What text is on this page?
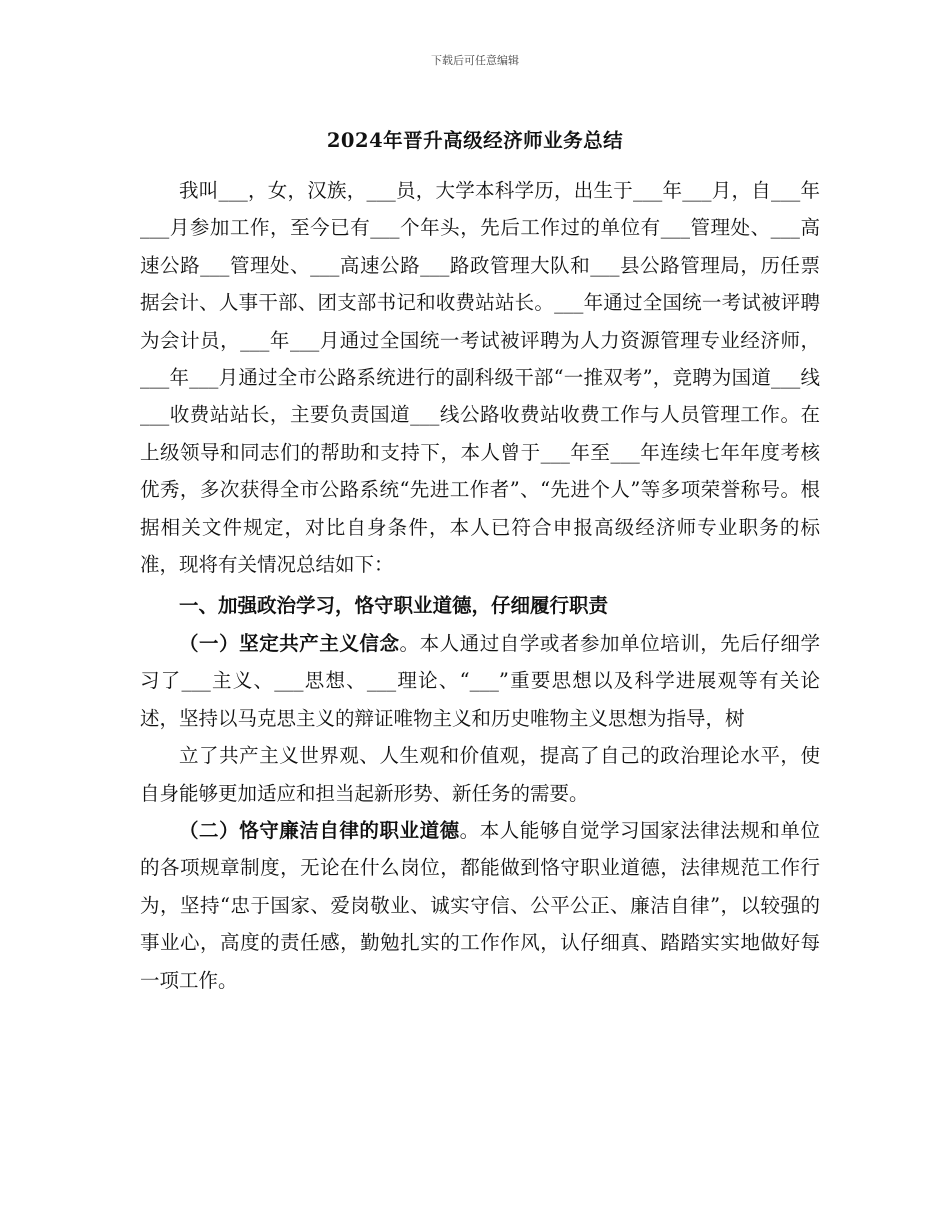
下载后可任意编辑
2024年晋升高级经济师业务总结

我叫___，女，汉族，___员，大学本科学历，出生于___年___月，自___年___月参加工作，至今已有___个年头，先后工作过的单位有___管理处、___高速公路___管理处、___高速公路___路政管理大队和___县公路管理局，历任票据会计、人事干部、团支部书记和收费站站长。___年通过全国统一考试被评聘为会计员，___年___月通过全国统一考试被评聘为人力资源管理专业经济师，___年___月通过全市公路系统进行的副科级干部“一推双考”，竞聘为国道___线___收费站站长，主要负责国道___线公路收费站收费工作与人员管理工作。在上级领导和同志们的帮助和支持下，本人曾于___年至___年连续七年年度考核优秀，多次获得全市公路系统“先进工作者”、“先进个人”等多项荣誉称号。根据相关文件规定，对比自身条件，本人已符合申报高级经济师专业职务的标准，现将有关情况总结如下：

一、加强政治学习，恪守职业道德，仔细履行职责

（一）坚定共产主义信念。本人通过自学或者参加单位培训，先后仔细学习了___主义、___思想、___理论、“___”重要思想以及科学进展观等有关论述，坚持以马克思主义的辩证唯物主义和历史唯物主义思想为指导，树

立了共产主义世界观、人生观和价值观，提高了自己的政治理论水平，使自身能够更加适应和担当起新形势、新任务的需要。

（二）恪守廉洁自律的职业道德。本人能够自觉学习国家法律法规和单位的各项规章制度，无论在什么岗位，都能做到恪守职业道德，法律规范工作行为，坚持“忠于国家、爱岗敬业、诚实守信、公平公正、廉洁自律”，以较强的事业心，高度的责任感，勤勉扎实的工作作风，认仔细真、踏踏实实地做好每一项工作。
